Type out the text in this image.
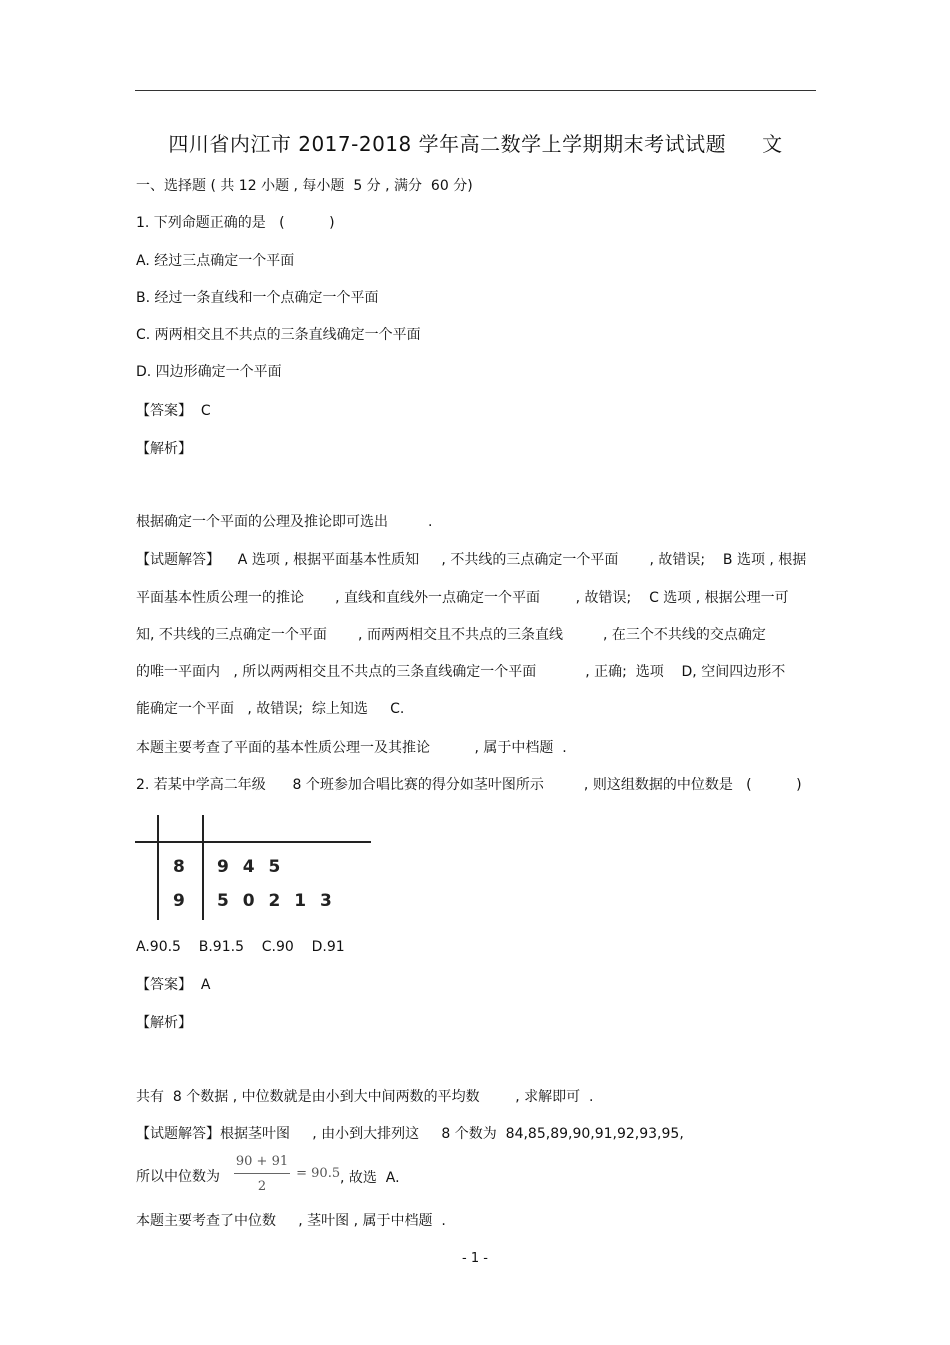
四川省内江市 2017-2018 学年高二数学上学期期末考试试题 文
一、选择题 ( 共 12 小题 , 每小题  5 分 , 满分  60 分)
1. 下列命题正确的是   (          )
A. 经过三点确定一个平面
B. 经过一条直线和一个点确定一个平面
C. 两两相交且不共点的三条直线确定一个平面
D. 四边形确定一个平面
【答案】  C
【解析】
根据确定一个平面的公理及推论即可选出         .
【试题解答】    A 选项 , 根据平面基本性质知     , 不共线的三点确定一个平面       , 故错误;    B 选项 , 根据
平面基本性质公理一的推论       , 直线和直线外一点确定一个平面        , 故错误;    C 选项 , 根据公理一可
知, 不共线的三点确定一个平面       , 而两两相交且不共点的三条直线         , 在三个不共线的交点确定
的唯一平面内   , 所以两两相交且不共点的三条直线确定一个平面           , 正确;  选项    D, 空间四边形不
能确定一个平面   , 故错误;  综上知选     C.
本题主要考查了平面的基本性质公理一及其推论          , 属于中档题  .
2. 若某中学高二年级      8 个班参加合唱比赛的得分如茎叶图所示         , 则这组数据的中位数是   (          )
8 9 4 5
9 5 0 2 1 3
A.90.5    B.91.5    C.90    D.91
【答案】  A
【解析】
共有  8 个数据 , 中位数就是由小到大中间两数的平均数        , 求解即可  .
【试题解答】根据茎叶图     , 由小到大排列这     8 个数为  84,85,89,90,91,92,93,95,
所以中位数为
90 + 91
2
= 90.5 , 故选  A.
本题主要考查了中位数     , 茎叶图 , 属于中档题  .
- 1 -
